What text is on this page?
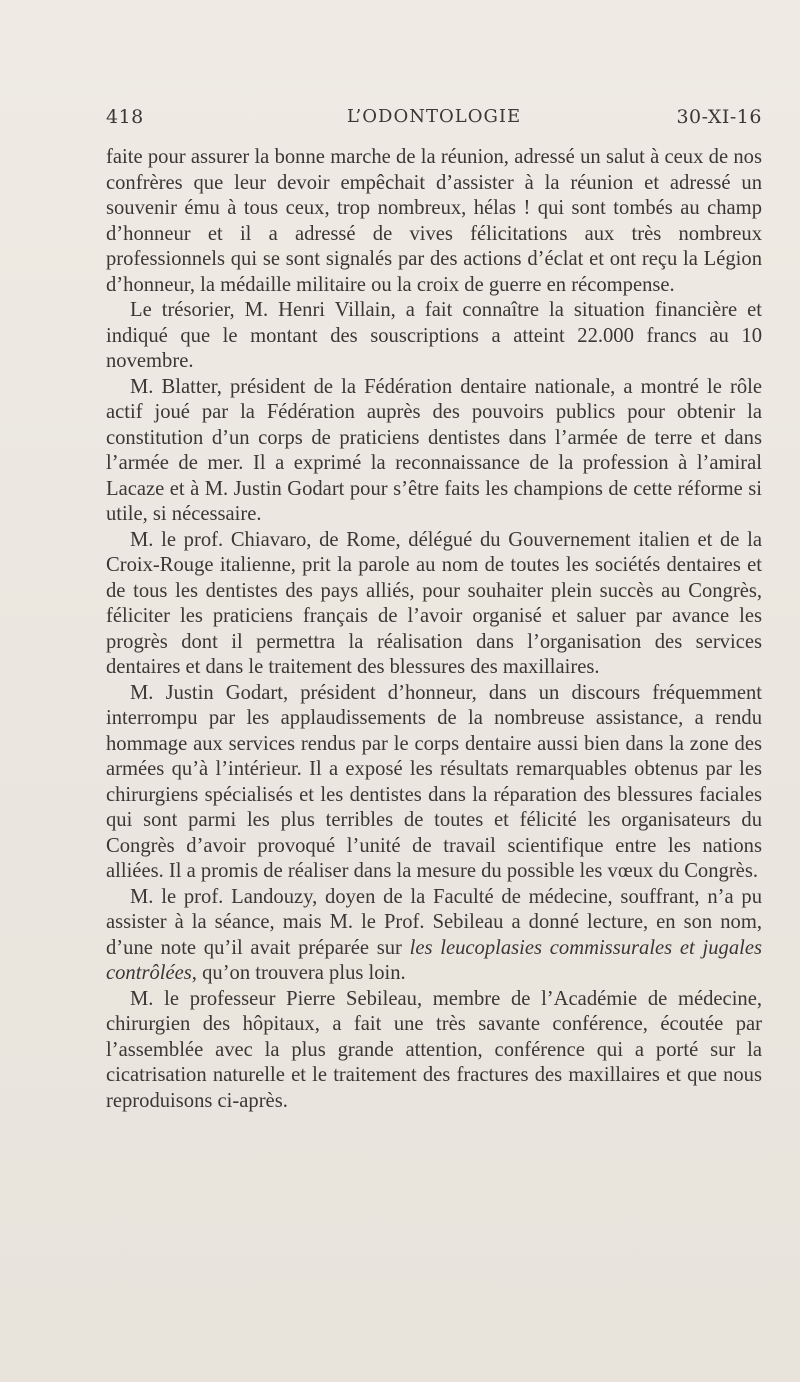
418	L’ODONTOLOGIE	30-XI-16

faite pour assurer la bonne marche de la réunion, adressé un salut à ceux de nos confrères que leur devoir empêchait d’assister à la réunion et adressé un souvenir ému à tous ceux, trop nombreux, hélas ! qui sont tombés au champ d’honneur et il a adressé de vives félicitations aux très nombreux professionnels qui se sont signalés par des actions d’éclat et ont reçu la Légion d’honneur, la médaille militaire ou la croix de guerre en récompense.

Le trésorier, M. Henri Villain, a fait connaître la situation financière et indiqué que le montant des souscriptions a atteint 22.000 francs au 10 novembre.

M. Blatter, président de la Fédération dentaire nationale, a montré le rôle actif joué par la Fédération auprès des pouvoirs publics pour obtenir la constitution d’un corps de praticiens dentistes dans l’armée de terre et dans l’armée de mer. Il a exprimé la reconnaissance de la profession à l’amiral Lacaze et à M. Justin Godart pour s’être faits les champions de cette réforme si utile, si nécessaire.

M. le prof. Chiavaro, de Rome, délégué du Gouvernement italien et de la Croix-Rouge italienne, prit la parole au nom de toutes les sociétés dentaires et de tous les dentistes des pays alliés, pour souhaiter plein succès au Congrès, féliciter les praticiens français de l’avoir organisé et saluer par avance les progrès dont il permettra la réalisation dans l’organisation des services dentaires et dans le traitement des blessures des maxillaires.

M. Justin Godart, président d’honneur, dans un discours fréquemment interrompu par les applaudissements de la nombreuse assistance, a rendu hommage aux services rendus par le corps dentaire aussi bien dans la zone des armées qu’à l’intérieur. Il a exposé les résultats remarquables obtenus par les chirurgiens spécialisés et les dentistes dans la réparation des blessures faciales qui sont parmi les plus terribles de toutes et félicité les organisateurs du Congrès d’avoir provoqué l’unité de travail scientifique entre les nations alliées. Il a promis de réaliser dans la mesure du possible les vœux du Congrès.

M. le prof. Landouzy, doyen de la Faculté de médecine, souffrant, n’a pu assister à la séance, mais M. le Prof. Sebileau a donné lecture, en son nom, d’une note qu’il avait préparée sur les leucoplasies commissurales et jugales contrôlées, qu’on trouvera plus loin.

M. le professeur Pierre Sebileau, membre de l’Académie de médecine, chirurgien des hôpitaux, a fait une très savante conférence, écoutée par l’assemblée avec la plus grande attention, conférence qui a porté sur la cicatrisation naturelle et le traitement des fractures des maxillaires et que nous reproduisons ci-après.
